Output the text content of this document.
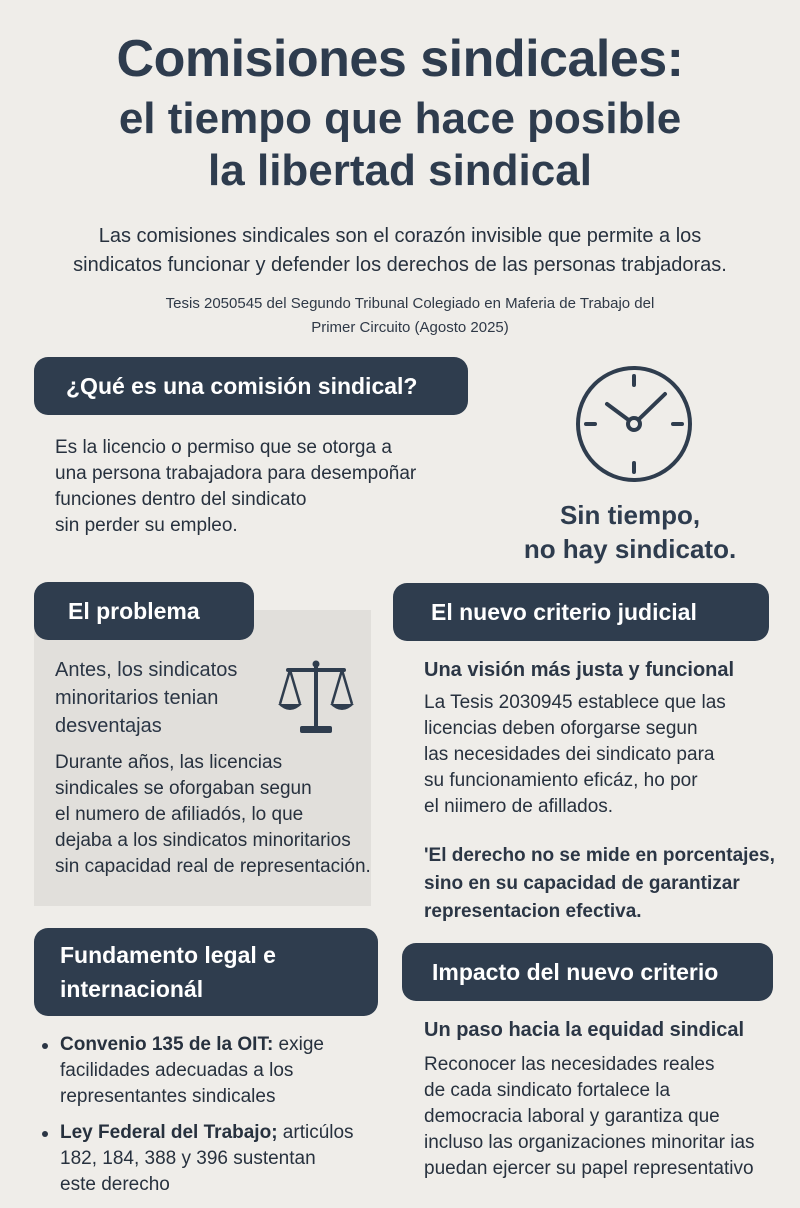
Comisiones sindicales:
el tiempo que hace posible
la libertad sindical
Las comisiones sindicales son el corazón invisible que permite a los
sindicatos funcionar y defender los derechos de las personas trabjadoras.
Tesis 2050545 del Segundo Tribunal Colegiado en Maferia de Trabajo del
Primer Circuito (Agosto 2025)
¿Qué es una comisión sindical?
Es la licencio o permiso que se otorga a
una persona trabajadora para desempoñar
funciones dentro del sindicato
sin perder su empleo.	Sin tiempo,
no hay sindicato.
El problema
Antes, los sindicatos
minoritarios tenian
desventajas
Durante años, las licencias
sindicales se oforgaban segun
el numero de afiliadós, lo que
dejaba a los sindicatos minoritarios
sin capacidad real de representación.
El nuevo criterio judicial
Una visión más justa y funcional
La Tesis 2030945 establece que las
licencias deben oforgarse segun
las necesidades dei sindicato para
su funcionamiento eficáz, ho por
el niimero de afillados.
'El derecho no se mide en porcentajes,
sino en su capacidad de garantizar
representacion efectiva.
Fundamento legal e
internacionál
Convenio 135 de la OIT: exige
facilidades adecuadas a los
representantes sindicales
Ley Federal del Trabajo; articúlos
182, 184, 388 y 396 sustentan
este derecho
Impacto del nuevo criterio
Un paso hacia la equidad sindical
Reconocer las necesidades reales
de cada sindicato fortalece la
democracia laboral y garantiza que
incluso las organizaciones minoritar ias
puedan ejercer su papel representativo
